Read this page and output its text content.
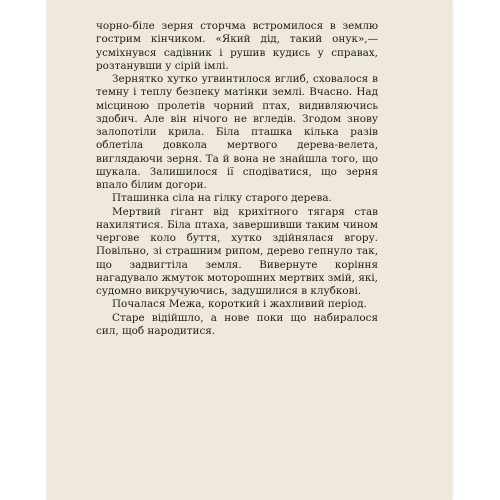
чорно-біле зерня сторчма встромилося в землю гострим кінчиком. «Який дід, такий онук»,— усміхнувся садівник і рушив кудись у справах, розтанувши у сірій імлі.

Зернятко хутко угвинтилося вглиб, сховалося в темну і теплу безпеку матінки землі. Вчасно. Над місциною пролетів чорний птах, видивляючись здобич. Але він нічого не вгледів. Згодом знову залопотіли крила. Біла пташка кілька разів облетіла довкола мертвого дерева-велета, виглядаючи зерня. Та й вона не знайшла того, що шукала. Залишилося ії сподіватися, що зерня впало білим догори.

Пташинка сіла на гілку старого дерева.

Мертвий гігант від крихітного тягаря став нахилятися. Біла птаха, завершивши таким чином чергове коло буття, хутко здійнялася вгору. Повільно, зі страшним рипом, дерево гепнуло так, що задвигтіла земля. Вивернуте коріння нагадувало жмуток моторошних мертвих змій, які, судомно викручуючись, задушилися в клубкові.

Почалася Межа, короткий і жахливий період.

Старе відійшло, а нове поки що набиралося сил, щоб народитися.
